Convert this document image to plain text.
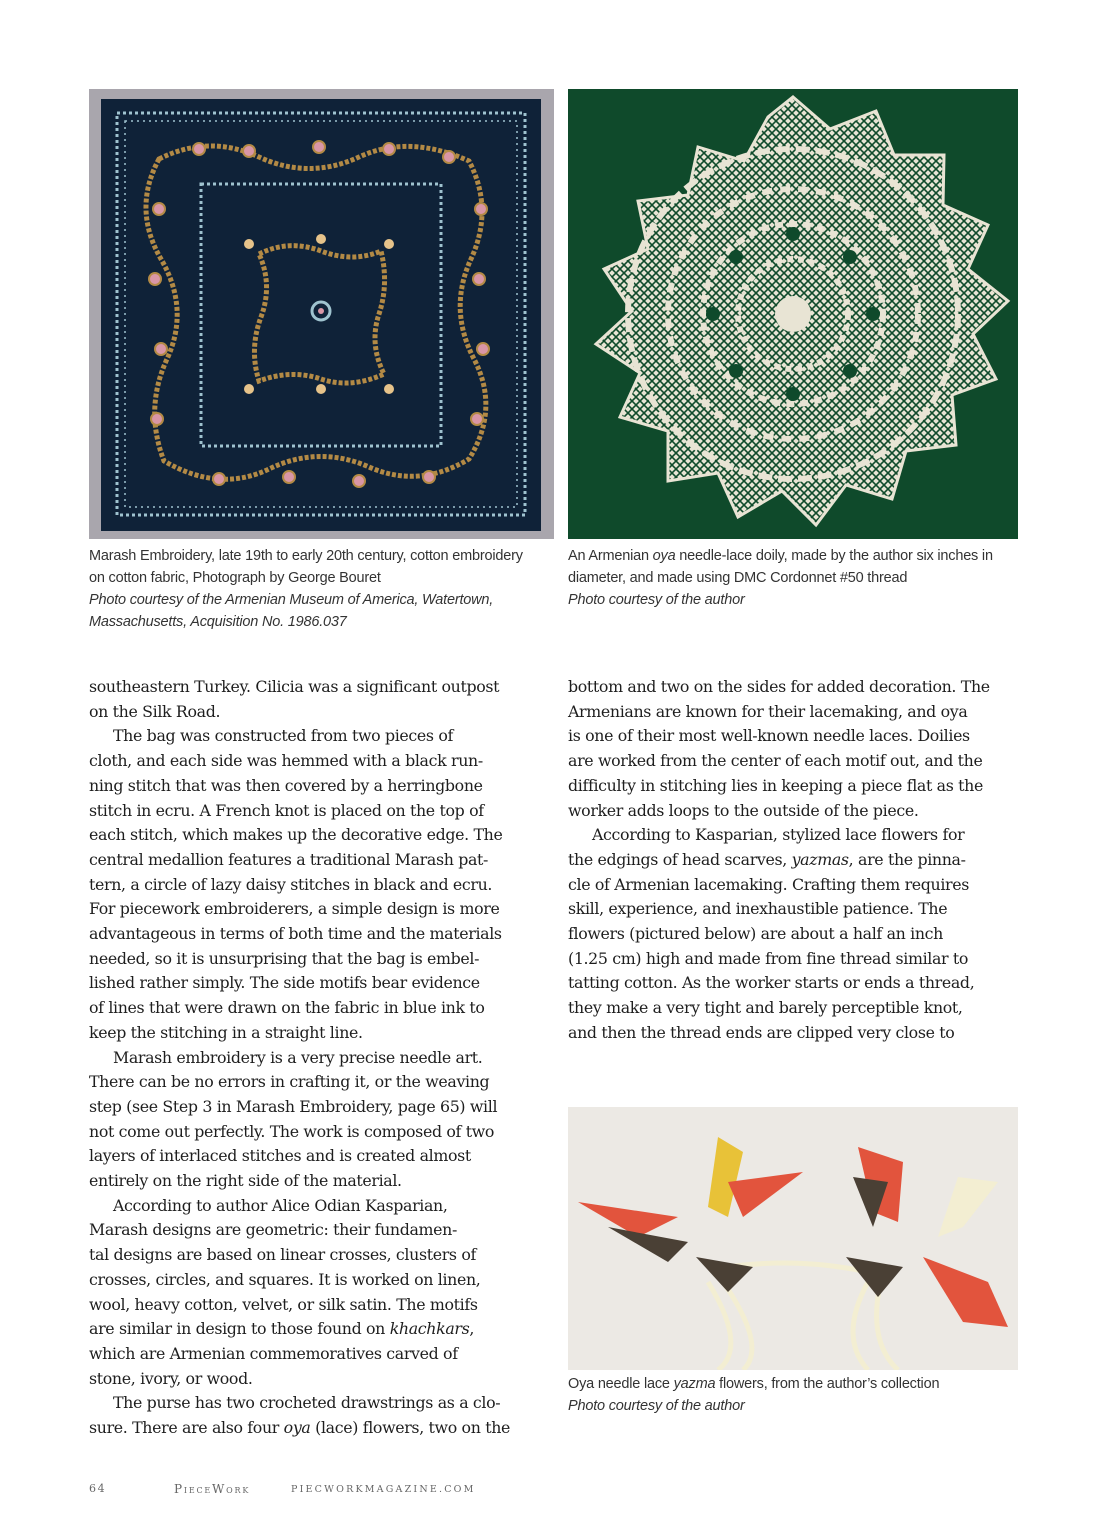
Marash Embroidery, late 19th to early 20th century, cotton embroidery

on cotton fabric, Photograph by George Bouret

Photo courtesy of the Armenian Museum of America, Watertown,

Massachusetts, Acquisition No. 1986.037

An Armenian oya needle-lace doily, made by the author six inches in

diameter, and made using DMC Cordonnet #50 thread

Photo courtesy of the author

Oya needle lace yazma flowers, from the author’s collection

Photo courtesy of the author

southeastern Turkey. Cilicia was a significant outpost

on the Silk Road.

The bag was constructed from two pieces of

cloth, and each side was hemmed with a black run-

ning stitch that was then covered by a herringbone

stitch in ecru. A French knot is placed on the top of

each stitch, which makes up the decorative edge. The

central medallion features a traditional Marash pat-

tern, a circle of lazy daisy stitches in black and ecru.

For piecework embroiderers, a simple design is more

advantageous in terms of both time and the materials

needed, so it is unsurprising that the bag is embel-

lished rather simply. The side motifs bear evidence

of lines that were drawn on the fabric in blue ink to

keep the stitching in a straight line.

Marash embroidery is a very precise needle art.

There can be no errors in crafting it, or the weaving

step (see Step 3 in Marash Embroidery, page 65) will

not come out perfectly. The work is composed of two

layers of interlaced stitches and is created almost

entirely on the right side of the material.

According to author Alice Odian Kasparian,

Marash designs are geometric: their fundamen-

tal designs are based on linear crosses, clusters of

crosses, circles, and squares. It is worked on linen,

wool, heavy cotton, velvet, or silk satin. The motifs

are similar in design to those found on khachkars,

which are Armenian commemoratives carved of

stone, ivory, or wood.

The purse has two crocheted drawstrings as a clo-

sure. There are also four oya (lace) flowers, two on the

bottom and two on the sides for added decoration. The

Armenians are known for their lacemaking, and oya

is one of their most well-known needle laces. Doilies

are worked from the center of each motif out, and the

difficulty in stitching lies in keeping a piece flat as the

worker adds loops to the outside of the piece.

According to Kasparian, stylized lace flowers for

the edgings of head scarves, yazmas, are the pinna-

cle of Armenian lacemaking. Crafting them requires

skill, experience, and inexhaustible patience. The

flowers (pictured below) are about a half an inch

(1.25 cm) high and made from fine thread similar to

tatting cotton. As the worker starts or ends a thread,

they make a very tight and barely perceptible knot,

and then the thread ends are clipped very close to

64	PieceWork	PIECWORKMAGAZINE.COM
